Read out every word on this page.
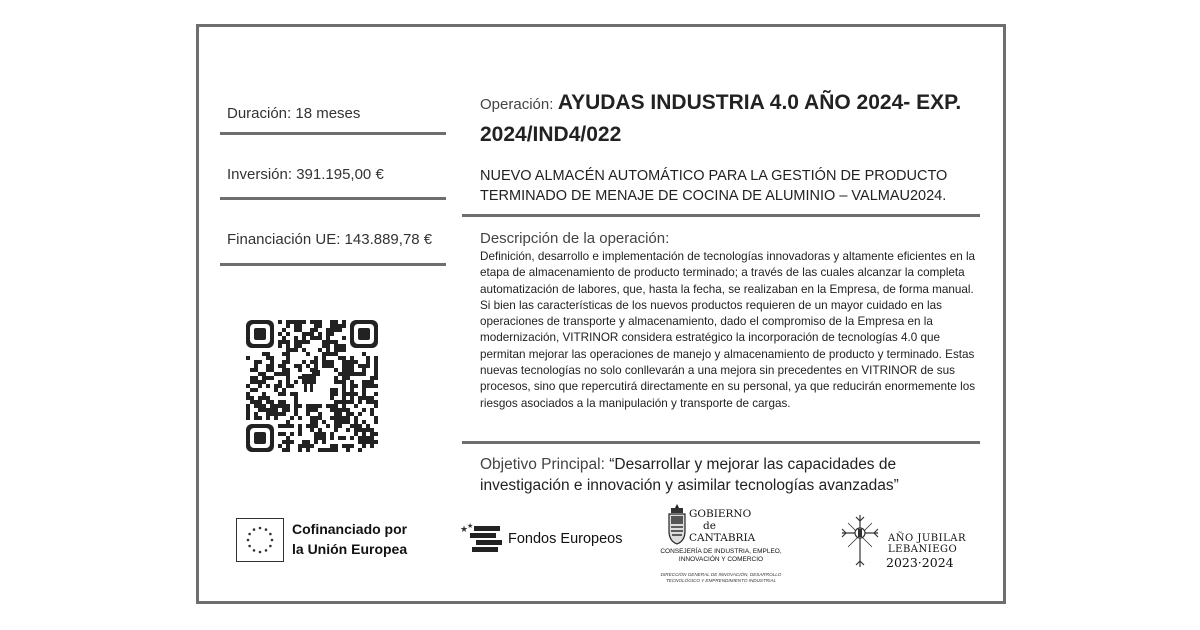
Duración: 18 meses
Inversión: 391.195,00 €
Financiación UE: 143.889,78 €
Operación: AYUDAS INDUSTRIA 4.0 AÑO 2024- EXP. 2024/IND4/022
NUEVO ALMACÉN AUTOMÁTICO PARA LA GESTIÓN DE PRODUCTO TERMINADO DE MENAJE DE COCINA DE ALUMINIO – VALMAU2024.
Descripción de la operación:
Definición, desarrollo e implementación de tecnologías innovadoras y altamente eficientes en la etapa de almacenamiento de producto terminado; a través de las cuales alcanzar la completa automatización de labores, que, hasta la fecha, se realizaban en la Empresa, de forma manual. Si bien las características de los nuevos productos requieren de un mayor cuidado en las operaciones de transporte y almacenamiento, dado el compromiso de la Empresa en la modernización, VITRINOR considera estratégico la incorporación de tecnologías 4.0 que permitan mejorar las operaciones de manejo y almacenamiento de producto y terminado. Estas nuevas tecnologías no solo conllevarán a una mejora sin precedentes en VITRINOR de sus procesos, sino que repercutirá directamente en su personal, ya que reducirán enormemente los riesgos asociados a la manipulación y transporte de cargas.
Objetivo Principal: “Desarrollar y mejorar las capacidades de investigación e innovación y asimilar tecnologías avanzadas”
Cofinanciado por
la Unión Europea
★
★
Fondos Europeos
GOBIERNO
de
CANTABRIA
CONSEJERÍA DE INDUSTRIA, EMPLEO, INNOVACIÓN Y COMERCIO
DIRECCIÓN GENERAL DE INNOVACIÓN, DESARROLLO TECNOLÓGICO Y EMPRENDIMIENTO INDUSTRIAL
AÑO JUBILAR
LEBANIEGO
2023·2024
